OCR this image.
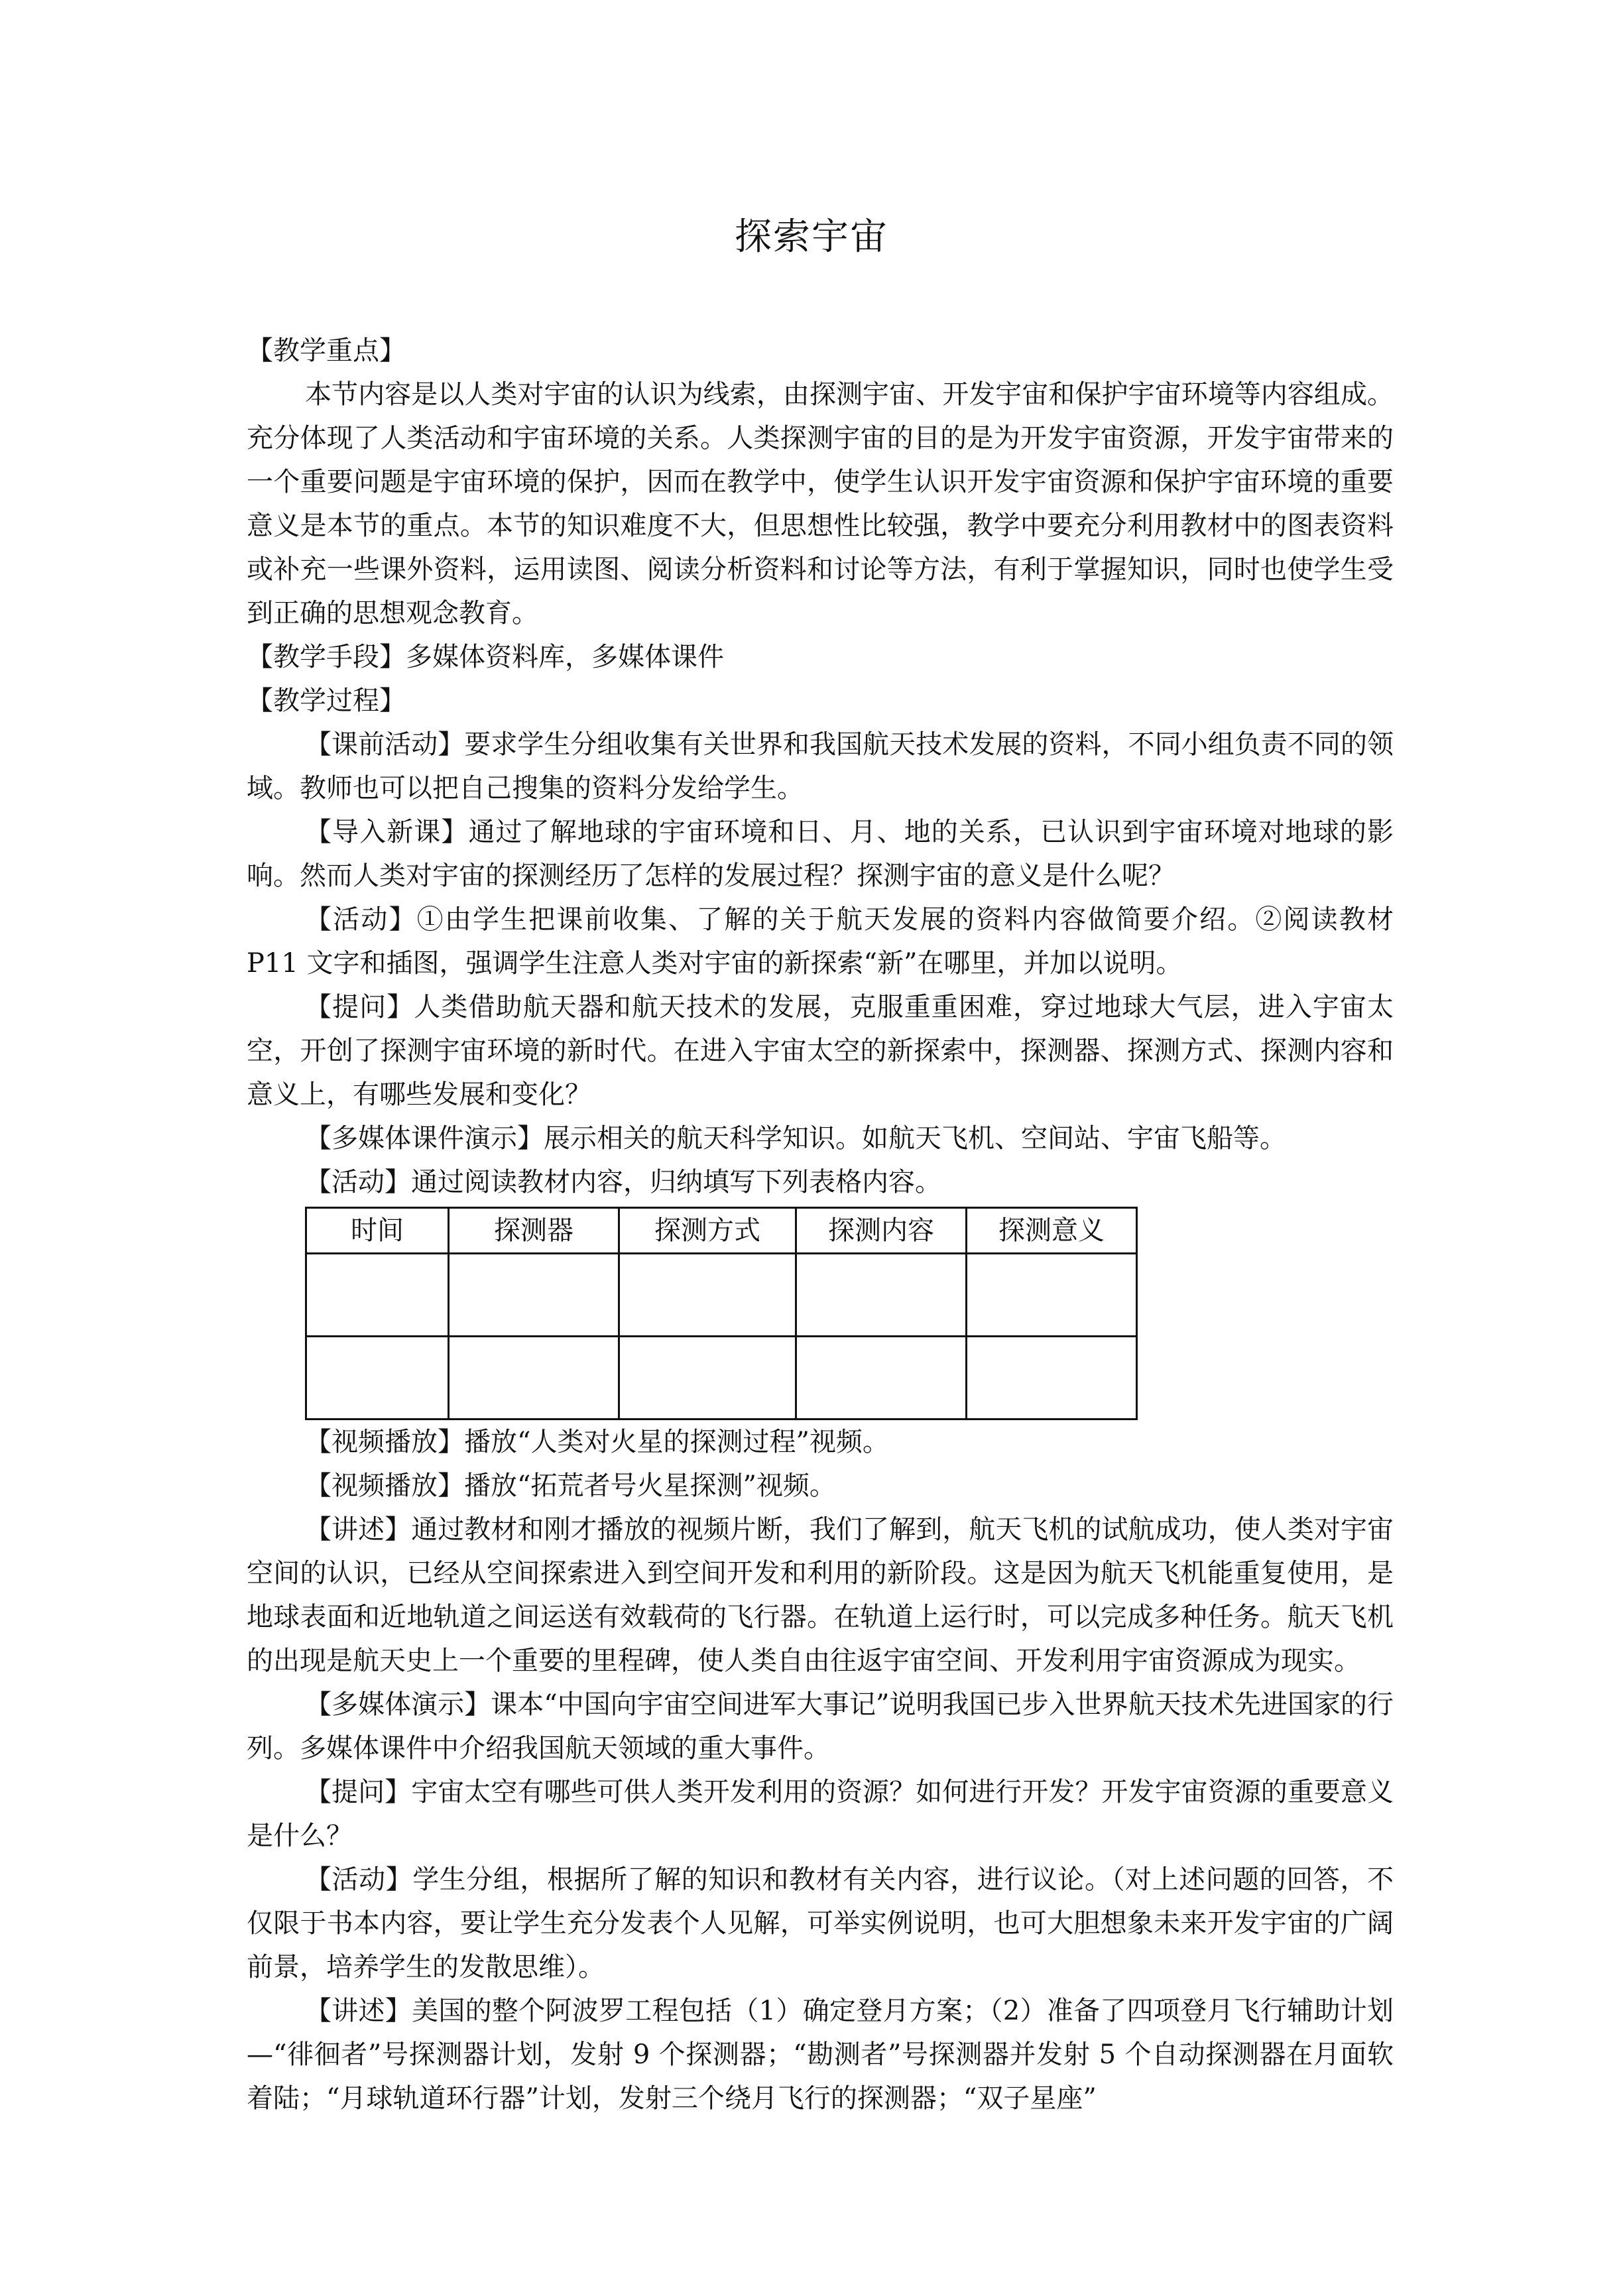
探索宇宙

【教学重点】

本节内容是以人类对宇宙的认识为线索，由探测宇宙、开发宇宙和保护宇宙环境等内容组成。充分体现了人类活动和宇宙环境的关系。人类探测宇宙的目的是为开发宇宙资源，开发宇宙带来的一个重要问题是宇宙环境的保护，因而在教学中，使学生认识开发宇宙资源和保护宇宙环境的重要意义是本节的重点。本节的知识难度不大，但思想性比较强，教学中要充分利用教材中的图表资料或补充一些课外资料，运用读图、阅读分析资料和讨论等方法，有利于掌握知识，同时也使学生受到正确的思想观念教育。

【教学手段】多媒体资料库，多媒体课件

【教学过程】

【课前活动】要求学生分组收集有关世界和我国航天技术发展的资料，不同小组负责不同的领域。教师也可以把自己搜集的资料分发给学生。

【导入新课】通过了解地球的宇宙环境和日、月、地的关系，已认识到宇宙环境对地球的影响。然而人类对宇宙的探测经历了怎样的发展过程？探测宇宙的意义是什么呢？

【活动】①由学生把课前收集、了解的关于航天发展的资料内容做简要介绍。②阅读教材 P11 文字和插图，强调学生注意人类对宇宙的新探索“新”在哪里，并加以说明。

【提问】人类借助航天器和航天技术的发展，克服重重困难，穿过地球大气层，进入宇宙太空，开创了探测宇宙环境的新时代。在进入宇宙太空的新探索中，探测器、探测方式、探测内容和意义上，有哪些发展和变化？

【多媒体课件演示】展示相关的航天科学知识。如航天飞机、空间站、宇宙飞船等。

【活动】通过阅读教材内容，归纳填写下列表格内容。

时间	探测器	探测方式	探测内容	探测意义

【视频播放】播放“人类对火星的探测过程”视频。

【视频播放】播放“拓荒者号火星探测”视频。

【讲述】通过教材和刚才播放的视频片断，我们了解到，航天飞机的试航成功，使人类对宇宙空间的认识，已经从空间探索进入到空间开发和利用的新阶段。这是因为航天飞机能重复使用，是地球表面和近地轨道之间运送有效载荷的飞行器。在轨道上运行时，可以完成多种任务。航天飞机的出现是航天史上一个重要的里程碑，使人类自由往返宇宙空间、开发利用宇宙资源成为现实。

【多媒体演示】课本“中国向宇宙空间进军大事记”说明我国已步入世界航天技术先进国家的行列。多媒体课件中介绍我国航天领域的重大事件。

【提问】宇宙太空有哪些可供人类开发利用的资源？如何进行开发？开发宇宙资源的重要意义是什么？

【活动】学生分组，根据所了解的知识和教材有关内容，进行议论。（对上述问题的回答，不仅限于书本内容，要让学生充分发表个人见解，可举实例说明，也可大胆想象未来开发宇宙的广阔前景，培养学生的发散思维）。

【讲述】美国的整个阿波罗工程包括（1）确定登月方案；（2）准备了四项登月飞行辅助计划—“徘徊者”号探测器计划，发射 9 个探测器；“勘测者”号探测器并发射 5 个自动探测器在月面软着陆；“月球轨道环行器”计划，发射三个绕月飞行的探测器；“双子星座”
